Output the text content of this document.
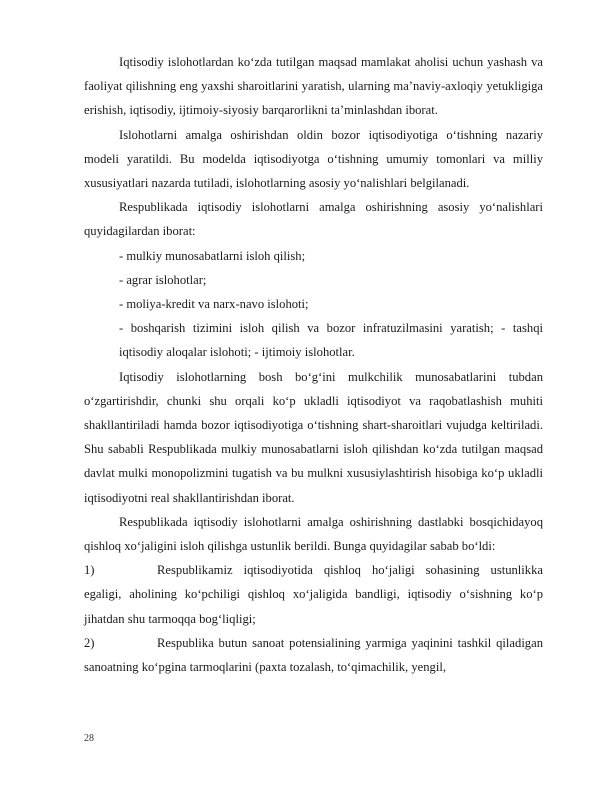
Iqtisodiy islohotlardan ko‘zda tutilgan maqsad mamlakat aholisi uchun yashash va faoliyat qilishning eng yaxshi sharoitlarini yaratish, ularning ma’naviy-axloqiy yetukligiga erishish, iqtisodiy, ijtimoiy-siyosiy barqarorlikni ta’minlashdan iborat.

Islohotlarni amalga oshirishdan oldin bozor iqtisodiyotiga o‘tishning nazariy modeli yaratildi. Bu modelda iqtisodiyotga o‘tishning umumiy tomonlari va milliy xususiyatlari nazarda tutiladi, islohotlarning asosiy yo‘nalishlari belgilanadi.

Respublikada iqtisodiy islohotlarni amalga oshirishning asosiy yo‘nalishlari quyidagilardan iborat:

- mulkiy munosabatlarni isloh qilish;
- agrar islohotlar;
- moliya-kredit va narx-navo islohoti;
- boshqarish tizimini isloh qilish va bozor infratuzilmasini yaratish; - tashqi iqtisodiy aloqalar islohoti; - ijtimoiy islohotlar.

Iqtisodiy islohotlarning bosh bo‘g‘ini mulkchilik munosabatlarini tubdan o‘zgartirishdir, chunki shu orqali ko‘p ukladli iqtisodiyot va raqobatlashish muhiti shakllantiriladi hamda bozor iqtisodiyotiga o‘tishning shart-sharoitlari vujudga keltiriladi. Shu sababli Respublikada mulkiy munosabatlarni isloh qilishdan ko‘zda tutilgan maqsad davlat mulki monopolizmini tugatish va bu mulkni xususiylashtirish hisobiga ko‘p ukladli iqtisodiyotni real shakllantirishdan iborat.

Respublikada iqtisodiy islohotlarni amalga oshirishning dastlabki bosqichidayoq qishloq xo‘jaligini isloh qilishga ustunlik berildi. Bunga quyidagilar sabab bo‘ldi:

1)	Respublikamiz iqtisodiyotida qishloq ho‘jaligi sohasining ustunlikka egaligi, aholining ko‘pchiligi qishloq xo‘jaligida bandligi, iqtisodiy o‘sishning ko‘p jihatdan shu tarmoqqa bog‘liqligi;
2)	Respublika butun sanoat potensialining yarmiga yaqinini tashkil qiladigan sanoatning ko‘pgina tarmoqlarini (paxta tozalash, to‘qimachilik, yengil,
28
